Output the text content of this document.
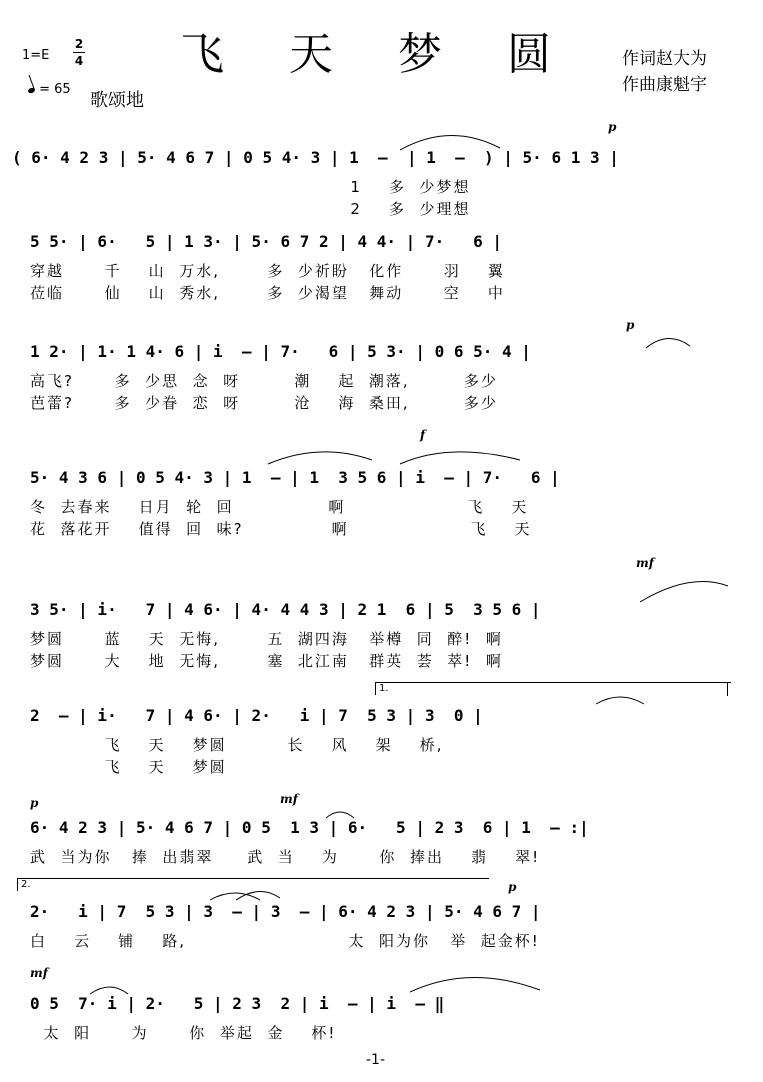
1=E
2
4
= 65
歌颂地
飞天梦圆 作词赵大为
作曲康魁宇
p
( 6· 4 2 3 | 5· 4 6 7 | 0 5 4· 3 | 1  —  | 1  —  ) | 5· 6 1 3 |
1    多  少梦想
2    多  少理想
5 5· | 6·   5 | 1 3· | 5· 6 7 2 | 4 4· | 7·   6 |
穿越      千    山  万水,       多  少祈盼   化作      羽    翼
莅临      仙    山  秀水,       多  少渴望   舞动      空    中
p
1 2· | 1· 1 4· 6 | i  — | 7·   6 | 5 3· | 0 6 5· 4 |
高飞?      多  少思  念  呀        潮    起  潮落,        多少
芭蕾?      多  少眷  恋  呀        沧    海  桑田,        多少
f
5· 4 3 6 | 0 5 4· 3 | 1  — | 1  3 5 6 | i  — | 7·   6 |
冬  去春来    日月  轮  回              啊                  飞    天
花  落花开    值得  回  味?             啊                  飞    天
mf
3 5· | i·   7 | 4 6· | 4· 4 4 3 | 2 1  6 | 5  3 5 6 |
梦圆      蓝    天  无悔,       五  湖四海   举樽  同  醉!  啊
梦圆      大    地  无悔,       塞  北江南   群英  荟  萃!  啊
1.
2  — | i·   7 | 4 6· | 2·   i | 7  5 3 | 3  0 |
飞    天    梦圆         长    风    架    桥,
飞    天    梦圆
p	mf
6· 4 2 3 | 5· 4 6 7 | 0 5  1 3 | 6·   5 | 2 3  6 | 1  — :|
武  当为你   捧  出翡翠     武  当    为      你  捧出    翡    翠!
2.	p
2·   i | 7  5 3 | 3  — | 3  — | 6· 4 2 3 | 5· 4 6 7 |
白    云    铺    路,                        太  阳为你   举  起金杯!
mf
0 5  7· i | 2·   5 | 2 3  2 | i  — | i  — ‖
太  阳      为      你  举起  金    杯!
-1-
